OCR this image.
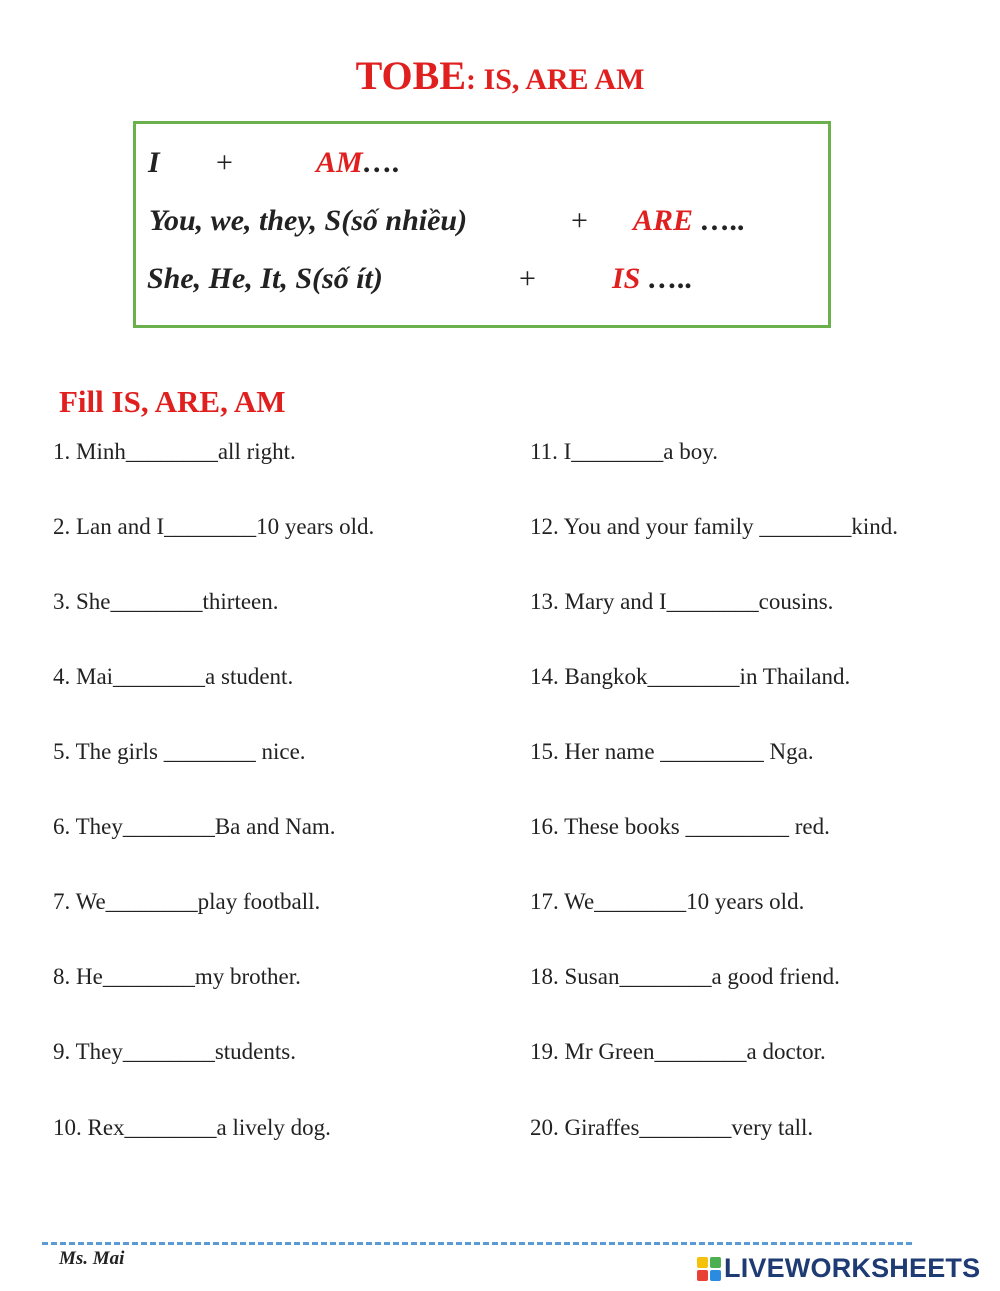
TOBE: IS, ARE AM
I +	AM….
You, we, they, S(số nhiều)	+ ARE …..
She, He, It, S(số ít)	+	IS …..
Fill IS, ARE, AM
1. Minh________all right.
2. Lan and I________10 years old.
3. She________thirteen.
4. Mai________a student.
5. The girls ________ nice.
6. They________Ba and Nam.
7. We________play football.
8. He________my brother.
9. They________students.
10. Rex________a lively dog.
11. I________a boy.
12. You and your family ________kind.
13. Mary and I________cousins.
14. Bangkok________in Thailand.
15. Her name _________ Nga.
16. These books _________ red.
17. We________10 years old.
18. Susan________a good friend.
19. Mr Green________a doctor.
20. Giraffes________very tall.
Ms. Mai	LIVEWORKSHEETS
